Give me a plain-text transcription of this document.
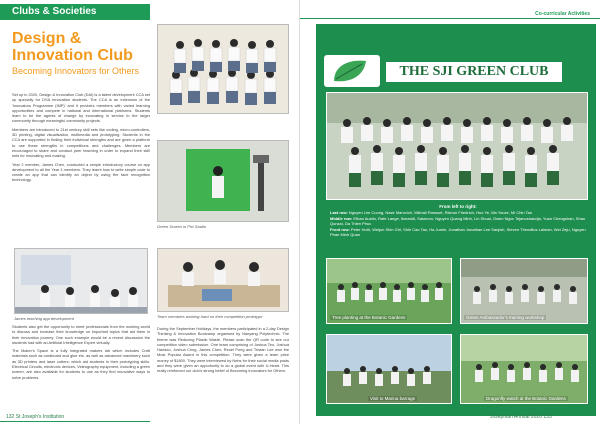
Clubs & Societies
Design &
Innovation Club
Becoming Innovators for Others

Set up in 2020, Design & Innovation Club (DAI) is a talent development CCA set up specially for DSA Innovation students. The CCA is an extension of the 'Innovators Programme (IMP)' and it provides members with varied learning opportunities and compete in national and international platforms. Students learn to be the agents of change by innovating in service to the larger community through meaningful community projects.

Members are introduced to 21st century skill sets like coding, micro-controllers, 3D printing, digital visualisation, multimedia and prototyping. Students in the CCA are supported in finding their individual strengths and are given a platform to use these strengths in competitions and challenges. Members are encouraged to share and conduct peer teaching in order to expand their skill sets for innovating and making.

Year 2 member, James Chen, conducted a simple introductory course on app development to all the Year 1 members. They learnt how to write simple code to create an app that can identify an object by using the face recognition technology.

Green Screen in Pixi Studio
James teaching app development	Team members working hard on their competition prototype

Students also get the opportunity to meet professionals from the working world to discuss and increase their knowledge on important topics that aid them in their innovation journey. One such example would be a recent discussion the students had with an Artificial Intelligence Expert virtually.

The Maker's Space is a fully integrated makers lab which includes Craft materials such as cardboard and glue etc. as well as advanced machinery such as 3D printers and laser cutters; which aid students in their prototyping skills. Electrical Circuits, electronic devices, Videography equipment, including a green screen, are also available for students to use as they find innovative ways to solve problems.

During the September Holidays, the members participated in a 2-day Design Thinking & Innovation Bootcamp organised by Nanyang Polytechnic. The theme was Reducing Plastic Waste. Please scan the QR code to see our competition video submission. One team comprising of Joshua Teo, Joshua Hariddo, Joshua Chng, James Chen, Reuel Pong and Tristan Lee won the Most Popular Award in this competition. They were given a team prize money of $1800. They were interviewed by Nebs for their social media posts and they were given an opportunity to do a global event with U-Heart. This really reinforced our club's strong belief of Becoming Innovators for Others.

132 St Joseph's Institution
Co-curricular Activities
THE SJI GREEN CLUB
From left to right:
Last row: Nguyen Lim Cuong, Nazir Marovich, Mikhail Roesset, Rishon Friedrich, Huo Ye, Ma Youze, Mi Chin Tan
Middle row: Ethan Austin, Rafe Lange, Ikmaddi, Salomon, Nguyen Quang Minh, Lin Shuai, Owen Ngoc Tejanushandja, Yuan Chengshan, Shao Qunzai, Da Thien Phuc
Front row: Peter Huth, Weijun Shin Ghi, Shih Cao Tao, Ha Jumin, Jonathan Jonathan Lee Sanjish, Steven Theodilus Laiman, Wei Zeju, Nguyen Phan Minh Quan
Tree planting at the Botanic Gardens	Green Ambassador's training workshop
Visit to Marina barrage	Dragonfly-watch at the Botanic Gardens
Josephian Annual 2020 133
